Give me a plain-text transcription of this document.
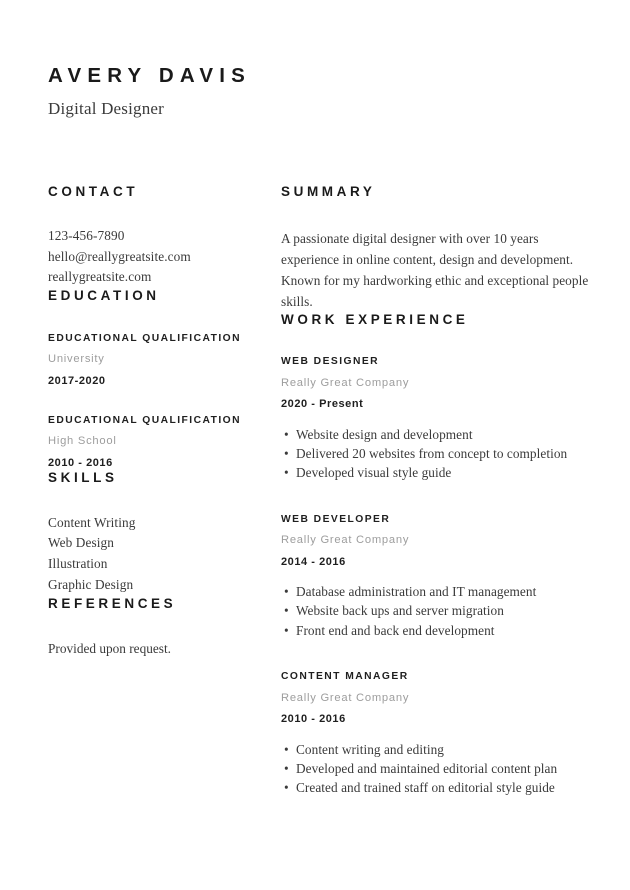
AVERY DAVIS
Digital Designer
CONTACT
123-456-7890
hello@reallygreatsite.com
reallygreatsite.com
EDUCATION
EDUCATIONAL QUALIFICATION
University
2017-2020
EDUCATIONAL QUALIFICATION
High School
2010 - 2016
SKILLS
Content Writing
Web Design
Illustration
Graphic Design
REFERENCES

Provided upon request.

SUMMARY

A passionate digital designer with over 10 years experience in online content, design and development. Known for my hardworking ethic and exceptional people skills.

WORK EXPERIENCE
WEB DESIGNER
Really Great Company
2020 - Present
• Website design and development
• Delivered 20 websites from concept to completion
• Developed visual style guide
WEB DEVELOPER
Really Great Company
2014 - 2016
• Database administration and IT management
• Website back ups and server migration
• Front end and back end development
CONTENT MANAGER
Really Great Company
2010 - 2016
• Content writing and editing
• Developed and maintained editorial content plan
• Created and trained staff on editorial style guide
